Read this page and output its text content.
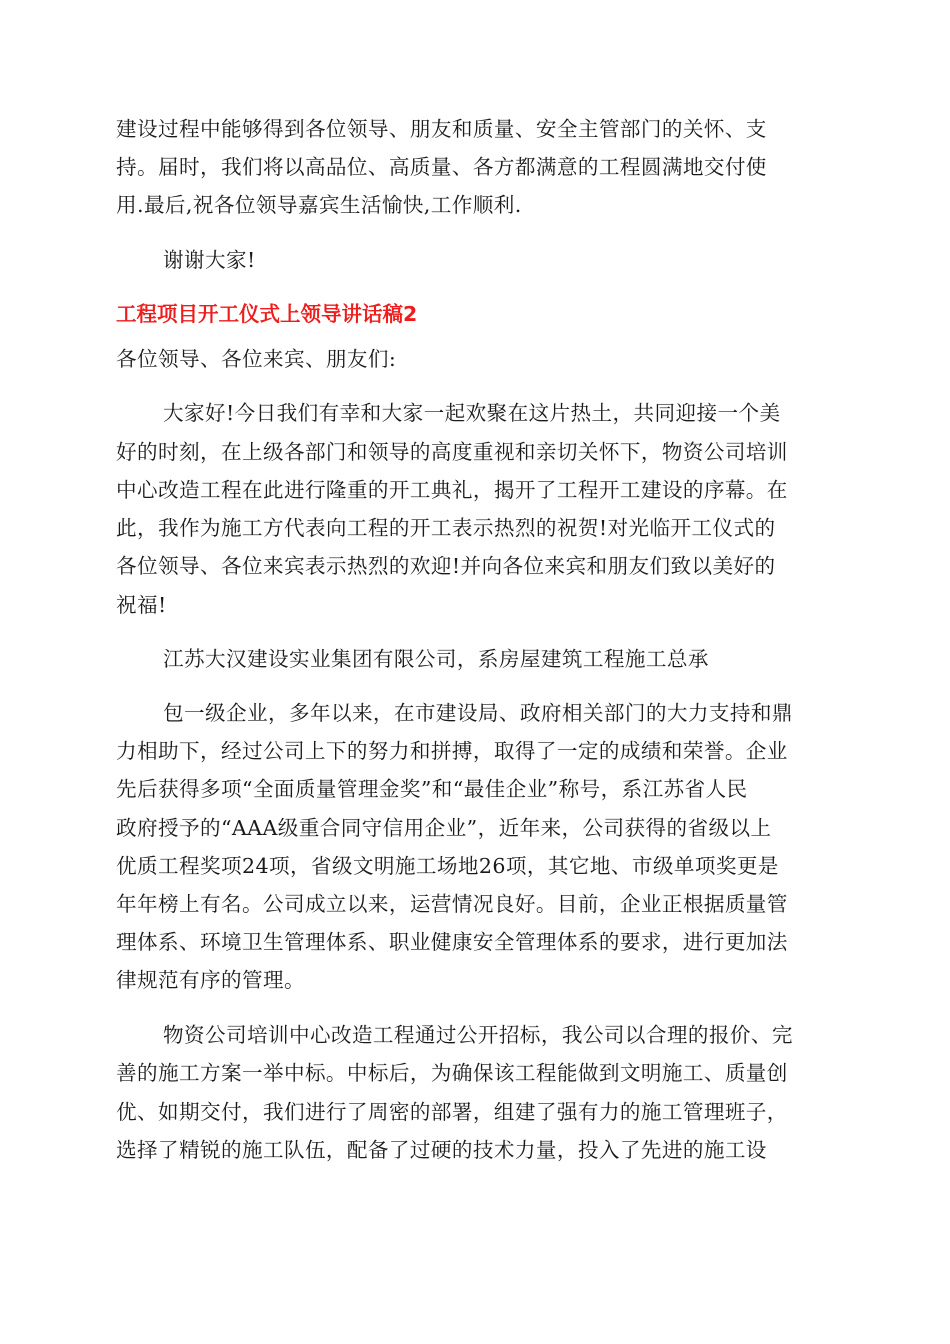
建设过程中能够得到各位领导、朋友和质量、安全主管部门的关怀、支
持。届时，我们将以高品位、高质量、各方都满意的工程圆满地交付使
用.最后,祝各位领导嘉宾生活愉快,工作顺利.
谢谢大家!
工程项目开工仪式上领导讲话稿2
各位领导、各位来宾、朋友们:
大家好!今日我们有幸和大家一起欢聚在这片热土，共同迎接一个美
好的时刻，在上级各部门和领导的高度重视和亲切关怀下，物资公司培训
中心改造工程在此进行隆重的开工典礼，揭开了工程开工建设的序幕。在
此，我作为施工方代表向工程的开工表示热烈的祝贺!对光临开工仪式的
各位领导、各位来宾表示热烈的欢迎!并向各位来宾和朋友们致以美好的
祝福!
江苏大汉建设实业集团有限公司，系房屋建筑工程施工总承
包一级企业，多年以来，在市建设局、政府相关部门的大力支持和鼎
力相助下，经过公司上下的努力和拼搏，取得了一定的成绩和荣誉。企业
先后获得多项“全面质量管理金奖”和“最佳企业”称号，系江苏省人民
政府授予的“AAA级重合同守信用企业”，近年来，公司获得的省级以上
优质工程奖项24项，省级文明施工场地26项，其它地、市级单项奖更是
年年榜上有名。公司成立以来，运营情况良好。目前，企业正根据质量管
理体系、环境卫生管理体系、职业健康安全管理体系的要求，进行更加法
律规范有序的管理。
物资公司培训中心改造工程通过公开招标，我公司以合理的报价、完
善的施工方案一举中标。中标后，为确保该工程能做到文明施工、质量创
优、如期交付，我们进行了周密的部署，组建了强有力的施工管理班子，
选择了精锐的施工队伍，配备了过硬的技术力量，投入了先进的施工设
